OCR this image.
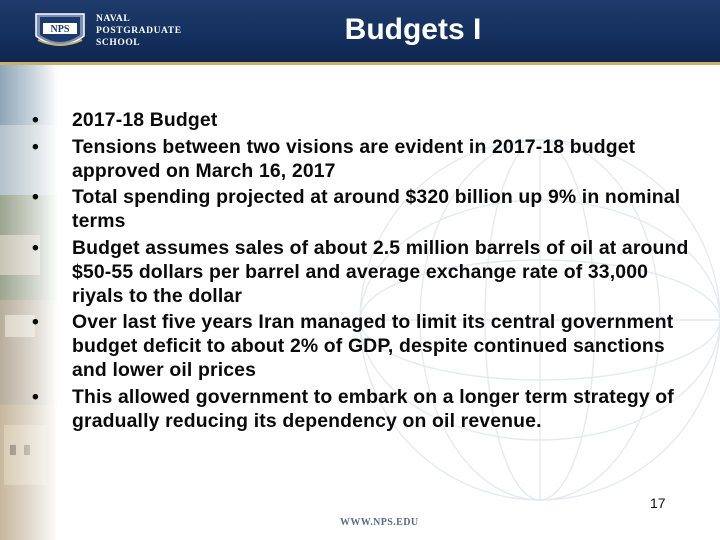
NPS
NAVAL
POSTGRADUATE
SCHOOL	Budgets I
• 2017-18 Budget
• Tensions between two visions are evident in 2017-18 budget approved on March 16, 2017
• Total spending projected at around $320 billion up 9% in nominal terms
• Budget assumes sales of about 2.5 million barrels of oil at around $50-55 dollars per barrel and average exchange rate of 33,000 riyals to the dollar
• Over last five years Iran managed to limit its central government budget deficit to about 2% of GDP, despite continued sanctions and lower oil prices
• This allowed government to embark on a longer term strategy of gradually reducing its dependency on oil revenue.
17
WWW.NPS.EDU
